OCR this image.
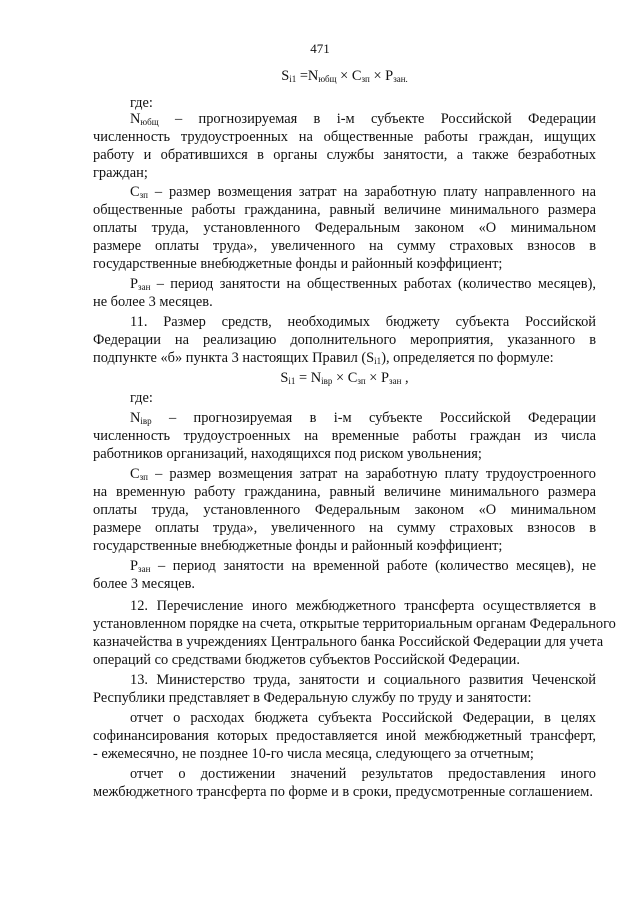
471
$S_{i1} =N_{юбщ} \times C_{зп} \times P_{зан.}$
где:
$N_{юбщ}$ – прогнозируемая в i-м субъекте Российской Федерации
численность трудоустроенных на общественные работы граждан, ищущих
работу и обратившихся в органы службы занятости, а также безработных
граждан;
$C_{зп}$ – размер возмещения затрат на заработную плату направленного на
общественные работы гражданина, равный величине минимального размера
оплаты труда, установленного Федеральным законом «О минимальном
размере оплаты труда», увеличенного на сумму страховых взносов в
государственные внебюджетные фонды и районный коэффициент;
$P_{зан}$ – период занятости на общественных работах (количество месяцев),
не более 3 месяцев.
11. Размер средств, необходимых бюджету субъекта Российской
Федерации на реализацию дополнительного мероприятия, указанного в
подпункте «б» пункта 3 настоящих Правил $(S_{i1})$, определяется по формуле:
$S_{i1} = N_{iвр} \times C_{зп} \times P_{зан}$ ,
где:
$N_{iвр}$ – прогнозируемая в i-м субъекте Российской Федерации
численность трудоустроенных на временные работы граждан из числа
работников организаций, находящихся под риском увольнения;
$C_{зп}$ – размер возмещения затрат на заработную плату трудоустроенного
на временную работу гражданина, равный величине минимального размера
оплаты труда, установленного Федеральным законом «О минимальном
размере оплаты труда», увеличенного на сумму страховых взносов в
государственные внебюджетные фонды и районный коэффициент;
$P_{зан}$ – период занятости на временной работе (количество месяцев), не
более 3 месяцев.
12. Перечисление иного межбюджетного трансферта осуществляется в
установленном порядке на счета, открытые территориальным органам Федерального
казначейства в учреждениях Центрального банка Российской Федерации для учета
операций со средствами бюджетов субъектов Российской Федерации.
13. Министерство труда, занятости и социального развития Чеченской
Республики представляет в Федеральную службу по труду и занятости:
отчет о расходах бюджета субъекта Российской Федерации, в целях
софинансирования которых предоставляется иной межбюджетный трансферт,
- ежемесячно, не позднее 10-го числа месяца, следующего за отчетным;
отчет о достижении значений результатов предоставления иного
межбюджетного трансферта по форме и в сроки, предусмотренные соглашением.
